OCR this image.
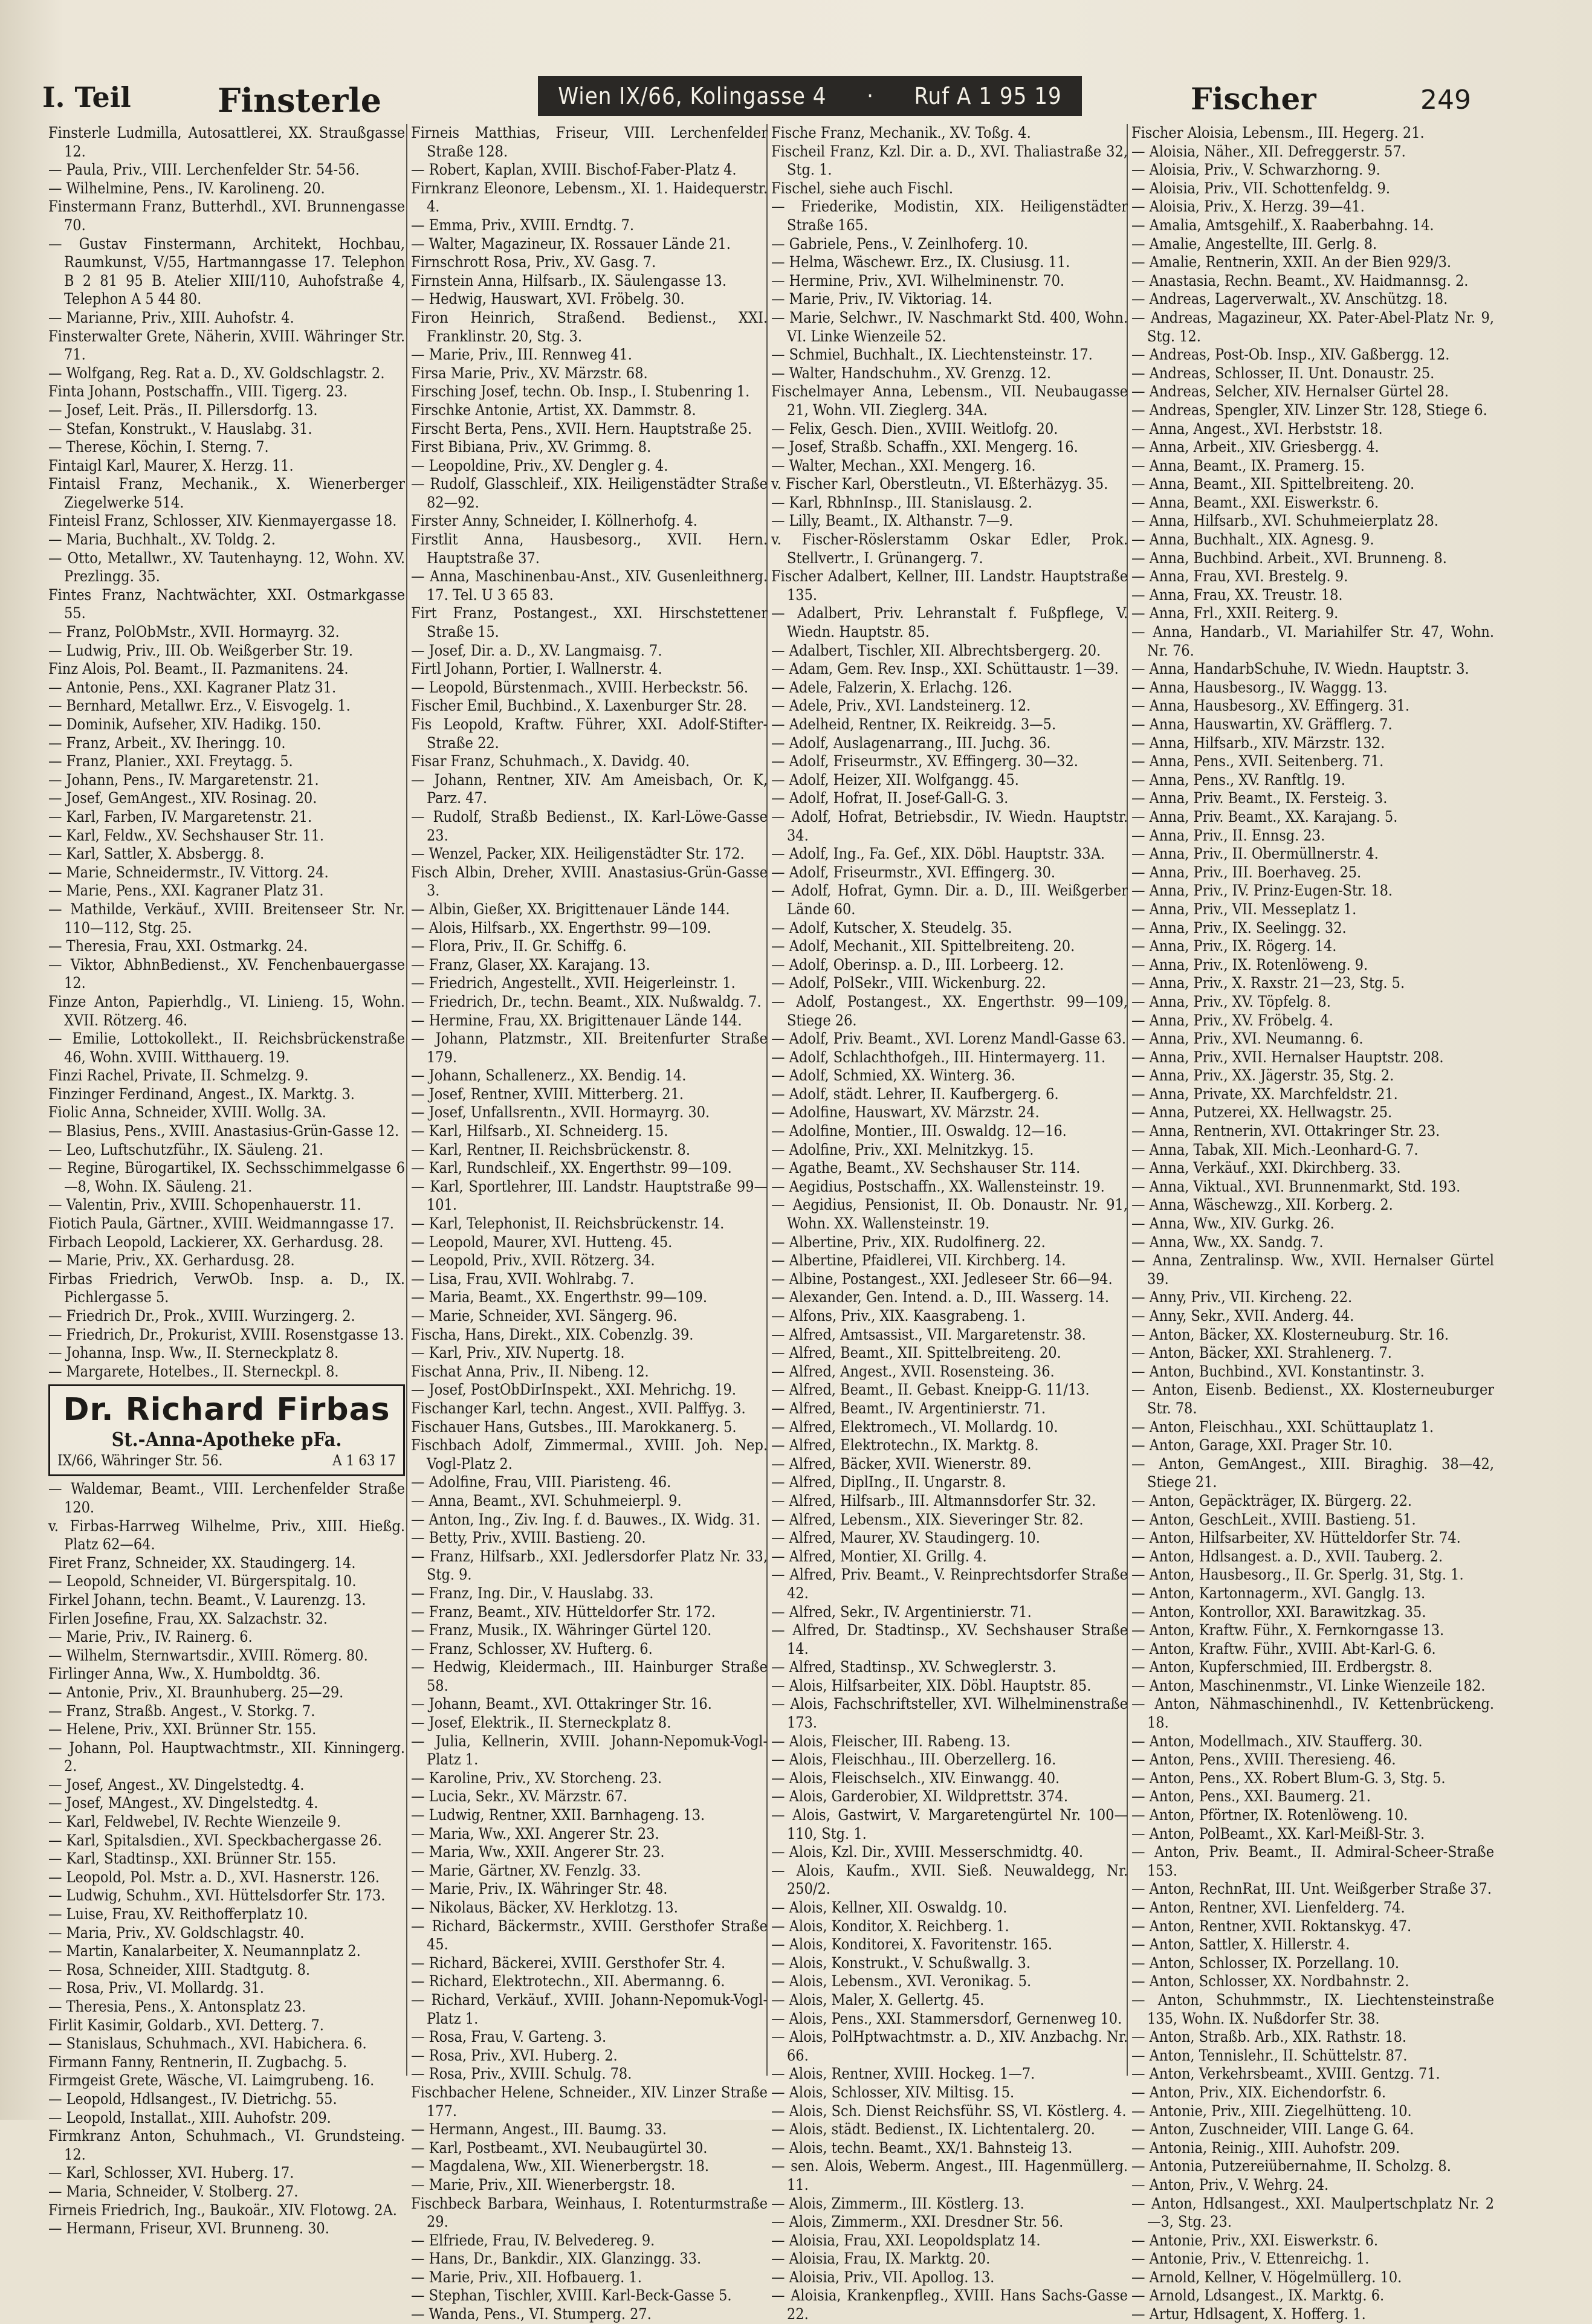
I. Teil	Finsterle	Wien IX/66, Kolingasse 4 · Ruf A 1 95 19	Fischer	249

Finsterle Ludmilla, Autosattlerei, XX. Straußgasse 12.

— Paula, Priv., VIII. Lerchenfelder Str. 54-56.

— Wilhelmine, Pens., IV. Karolineng. 20.

Finstermann Franz, Butterhdl., XVI. Brunnengasse 70.

— Gustav Finstermann, Architekt, Hochbau, Raumkunst, V/55, Hartmanngasse 17. Telephon B 2 81 95 B. Atelier XIII/110, Auhofstraße 4, Telephon A 5 44 80.

— Marianne, Priv., XIII. Auhofstr. 4.

Finsterwalter Grete, Näherin, XVIII. Währinger Str. 71.

— Wolfgang, Reg. Rat a. D., XV. Goldschlagstr. 2.

Finta Johann, Postschaffn., VIII. Tigerg. 23.

— Josef, Leit. Präs., II. Pillersdorfg. 13.

— Stefan, Konstrukt., V. Hauslabg. 31.

— Therese, Köchin, I. Sterng. 7.

Fintaigl Karl, Maurer, X. Herzg. 11.

Fintaisl Franz, Mechanik., X. Wienerberger Ziegelwerke 514.

Finteisl Franz, Schlosser, XIV. Kienmayergasse 18.

— Maria, Buchhalt., XV. Toldg. 2.

— Otto, Metallwr., XV. Tautenhayng. 12, Wohn. XV. Prezlingg. 35.

Fintes Franz, Nachtwächter, XXI. Ostmarkgasse 55.

— Franz, PolObMstr., XVII. Hormayrg. 32.

— Ludwig, Priv., III. Ob. Weißgerber Str. 19.

Finz Alois, Pol. Beamt., II. Pazmanitens. 24.

— Antonie, Pens., XXI. Kagraner Platz 31.

— Bernhard, Metallwr. Erz., V. Eisvogelg. 1.

— Dominik, Aufseher, XIV. Hadikg. 150.

— Franz, Arbeit., XV. Iheringg. 10.

— Franz, Planier., XXI. Freytagg. 5.

— Johann, Pens., IV. Margaretenstr. 21.

— Josef, GemAngest., XIV. Rosinag. 20.

— Karl, Farben, IV. Margaretenstr. 21.

— Karl, Feldw., XV. Sechshauser Str. 11.

— Karl, Sattler, X. Absbergg. 8.

— Marie, Schneidermstr., IV. Vittorg. 24.

— Marie, Pens., XXI. Kagraner Platz 31.

— Mathilde, Verkäuf., XVIII. Breitenseer Str. Nr. 110—112, Stg. 25.

— Theresia, Frau, XXI. Ostmarkg. 24.

— Viktor, AbhnBedienst., XV. Fenchenbauergasse 12.

Finze Anton, Papierhdlg., VI. Linieng. 15, Wohn. XVII. Rötzerg. 46.

— Emilie, Lottokollekt., II. Reichsbrückenstraße 46, Wohn. XVIII. Witthauerg. 19.

Finzi Rachel, Private, II. Schmelzg. 9.

Finzinger Ferdinand, Angest., IX. Marktg. 3.

Fiolic Anna, Schneider, XVIII. Wollg. 3A.

— Blasius, Pens., XVIII. Anastasius-Grün-Gasse 12.

— Leo, Luftschutzführ., IX. Säuleng. 21.

— Regine, Bürogartikel, IX. Sechsschimmelgasse 6—8, Wohn. IX. Säuleng. 21.

— Valentin, Priv., XVIII. Schopenhauerstr. 11.

Fiotich Paula, Gärtner., XVIII. Weidmanngasse 17.

Firbach Leopold, Lackierer, XX. Gerhardusg. 28.

— Marie, Priv., XX. Gerhardusg. 28.

Firbas Friedrich, VerwOb. Insp. a. D., IX. Pichlergasse 5.

— Friedrich Dr., Prok., XVIII. Wurzingerg. 2.

— Friedrich, Dr., Prokurist, XVIII. Rosenstgasse 13.

— Johanna, Insp. Ww., II. Sterneckplatz 8.

— Margarete, Hotelbes., II. Sterneckpl. 8.

Dr. Richard Firbas
St.-Anna-Apotheke pFa.
IX/66, Währinger Str. 56.	A 1 63 17

— Waldemar, Beamt., VIII. Lerchenfelder Straße 120.

v. Firbas-Harrweg Wilhelme, Priv., XIII. Hießg. Platz 62—64.

Firet Franz, Schneider, XX. Staudingerg. 14.

— Leopold, Schneider, VI. Bürgerspitalg. 10.

Firkel Johann, techn. Beamt., V. Laurenzg. 13.

Firlen Josefine, Frau, XX. Salzachstr. 32.

— Marie, Priv., IV. Rainerg. 6.

— Wilhelm, Sternwartsdir., XVIII. Römerg. 80.

Firlinger Anna, Ww., X. Humboldtg. 36.

— Antonie, Priv., XI. Braunhuberg. 25—29.

— Franz, Straßb. Angest., V. Storkg. 7.

— Helene, Priv., XXI. Brünner Str. 155.

— Johann, Pol. Hauptwachtmstr., XII. Kinningerg. 2.

— Josef, Angest., XV. Dingelstedtg. 4.

— Josef, MAngest., XV. Dingelstedtg. 4.

— Karl, Feldwebel, IV. Rechte Wienzeile 9.

— Karl, Spitalsdien., XVI. Speckbachergasse 26.

— Karl, Stadtinsp., XXI. Brünner Str. 155.

— Leopold, Pol. Mstr. a. D., XVI. Hasnerstr. 126.

— Ludwig, Schuhm., XVI. Hüttelsdorfer Str. 173.

— Luise, Frau, XV. Reithofferplatz 10.

— Maria, Priv., XV. Goldschlagstr. 40.

— Martin, Kanalarbeiter, X. Neumannplatz 2.

— Rosa, Schneider, XIII. Stadtgutg. 8.

— Rosa, Priv., VI. Mollardg. 31.

— Theresia, Pens., X. Antonsplatz 23.

Firlit Kasimir, Goldarb., XVI. Detterg. 7.

— Stanislaus, Schuhmach., XVI. Habichera. 6.

Firmann Fanny, Rentnerin, II. Zugbachg. 5.

Firmgeist Grete, Wäsche, VI. Laimgrubeng. 16.

— Leopold, Hdlsangest., IV. Dietrichg. 55.

— Leopold, Installat., XIII. Auhofstr. 209.

Firmkranz Anton, Schuhmach., VI. Grundsteing. 12.

— Karl, Schlosser, XVI. Huberg. 17.

— Maria, Schneider, V. Stolberg. 27.

Firneis Friedrich, Ing., Baukoär., XIV. Flotowg. 2A.

— Hermann, Friseur, XVI. Brunneng. 30.

Firneis Matthias, Friseur, VIII. Lerchenfelder Straße 128.

— Robert, Kaplan, XVIII. Bischof-Faber-Platz 4.

Firnkranz Eleonore, Lebensm., XI. 1. Haidequerstr. 4.

— Emma, Priv., XVIII. Erndtg. 7.

— Walter, Magazineur, IX. Rossauer Lände 21.

Firnschrott Rosa, Priv., XV. Gasg. 7.

Firnstein Anna, Hilfsarb., IX. Säulengasse 13.

— Hedwig, Hauswart, XVI. Fröbelg. 30.

Firon Heinrich, Straßend. Bedienst., XXI. Franklinstr. 20, Stg. 3.

— Marie, Priv., III. Rennweg 41.

Firsa Marie, Priv., XV. Märzstr. 68.

Firsching Josef, techn. Ob. Insp., I. Stubenring 1.

Firschke Antonie, Artist, XX. Dammstr. 8.

Firscht Berta, Pens., XVII. Hern. Hauptstraße 25.

First Bibiana, Priv., XV. Grimmg. 8.

— Leopoldine, Priv., XV. Dengler g. 4.

— Rudolf, Glasschleif., XIX. Heiligenstädter Straße 82—92.

Firster Anny, Schneider, I. Köllnerhofg. 4.

Firstlit Anna, Hausbesorg., XVII. Hern. Hauptstraße 37.

— Anna, Maschinenbau-Anst., XIV. Gusenleithnerg. 17. Tel. U 3 65 83.

Firt Franz, Postangest., XXI. Hirschstettener Straße 15.

— Josef, Dir. a. D., XV. Langmaisg. 7.

Firtl Johann, Portier, I. Wallnerstr. 4.

— Leopold, Bürstenmach., XVIII. Herbeckstr. 56.

Fischer Emil, Buchbind., X. Laxenburger Str. 28.

Fis Leopold, Kraftw. Führer, XXI. Adolf-Stifter-Straße 22.

Fisar Franz, Schuhmach., X. Davidg. 40.

— Johann, Rentner, XIV. Am Ameisbach, Or. K, Parz. 47.

— Rudolf, Straßb Bedienst., IX. Karl-Löwe-Gasse 23.

— Wenzel, Packer, XIX. Heiligenstädter Str. 172.

Fisch Albin, Dreher, XVIII. Anastasius-Grün-Gasse 3.

— Albin, Gießer, XX. Brigittenauer Lände 144.

— Alois, Hilfsarb., XX. Engerthstr. 99—109.

— Flora, Priv., II. Gr. Schiffg. 6.

— Franz, Glaser, XX. Karajang. 13.

— Friedrich, Angestellt., XVII. Heigerleinstr. 1.

— Friedrich, Dr., techn. Beamt., XIX. Nußwaldg. 7.

— Hermine, Frau, XX. Brigittenauer Lände 144.

— Johann, Platzmstr., XII. Breitenfurter Straße 179.

— Johann, Schallenerz., XX. Bendig. 14.

— Josef, Rentner, XVIII. Mitterberg. 21.

— Josef, Unfallsrentn., XVII. Hormayrg. 30.

— Karl, Hilfsarb., XI. Schneiderg. 15.

— Karl, Rentner, II. Reichsbrückenstr. 8.

— Karl, Rundschleif., XX. Engerthstr. 99—109.

— Karl, Sportlehrer, III. Landstr. Hauptstraße 99—101.

— Karl, Telephonist, II. Reichsbrückenstr. 14.

— Leopold, Maurer, XVI. Hutteng. 45.

— Leopold, Priv., XVII. Rötzerg. 34.

— Lisa, Frau, XVII. Wohlrabg. 7.

— Maria, Beamt., XX. Engerthstr. 99—109.

— Marie, Schneider, XVI. Sängerg. 96.

Fischa, Hans, Direkt., XIX. Cobenzlg. 39.

— Karl, Priv., XIV. Nupertg. 18.

Fischat Anna, Priv., II. Nibeng. 12.

— Josef, PostObDirInspekt., XXI. Mehrichg. 19.

Fischanger Karl, techn. Angest., XVII. Palffyg. 3.

Fischauer Hans, Gutsbes., III. Marokkanerg. 5.

Fischbach Adolf, Zimmermal., XVIII. Joh. Nep. Vogl-Platz 2.

— Adolfine, Frau, VIII. Piaristeng. 46.

— Anna, Beamt., XVI. Schuhmeierpl. 9.

— Anton, Ing., Ziv. Ing. f. d. Bauwes., IX. Widg. 31.

— Betty, Priv., XVIII. Bastieng. 20.

— Franz, Hilfsarb., XXI. Jedlersdorfer Platz Nr. 33, Stg. 9.

— Franz, Ing. Dir., V. Hauslabg. 33.

— Franz, Beamt., XIV. Hütteldorfer Str. 172.

— Franz, Musik., IX. Währinger Gürtel 120.

— Franz, Schlosser, XV. Hufterg. 6.

— Hedwig, Kleidermach., III. Hainburger Straße 58.

— Johann, Beamt., XVI. Ottakringer Str. 16.

— Josef, Elektrik., II. Sterneckplatz 8.

— Julia, Kellnerin, XVIII. Johann-Nepomuk-Vogl-Platz 1.

— Karoline, Priv., XV. Storcheng. 23.

— Lucia, Sekr., XV. Märzstr. 67.

— Ludwig, Rentner, XXII. Barnhageng. 13.

— Maria, Ww., XXI. Angerer Str. 23.

— Maria, Ww., XXII. Angerer Str. 23.

— Marie, Gärtner, XV. Fenzlg. 33.

— Marie, Priv., IX. Währinger Str. 48.

— Nikolaus, Bäcker, XV. Herklotzg. 13.

— Richard, Bäckermstr., XVIII. Gersthofer Straße 45.

— Richard, Bäckerei, XVIII. Gersthofer Str. 4.

— Richard, Elektrotechn., XII. Abermanng. 6.

— Richard, Verkäuf., XVIII. Johann-Nepomuk-Vogl-Platz 1.

— Rosa, Frau, V. Garteng. 3.

— Rosa, Priv., XVI. Huberg. 2.

— Rosa, Priv., XVIII. Schulg. 78.

Fischbacher Helene, Schneider., XIV. Linzer Straße 177.

— Hermann, Angest., III. Baumg. 33.

— Karl, Postbeamt., XVI. Neubaugürtel 30.

— Magdalena, Ww., XII. Wienerbergstr. 18.

— Marie, Priv., XII. Wienerbergstr. 18.

Fischbeck Barbara, Weinhaus, I. Rotenturmstraße 29.

— Elfriede, Frau, IV. Belvedereg. 9.

— Hans, Dr., Bankdir., XIX. Glanzingg. 33.

— Marie, Priv., XII. Hofbauerg. 1.

— Stephan, Tischler, XVIII. Karl-Beck-Gasse 5.

— Wanda, Pens., VI. Stumperg. 27.

Fische Franz, Mechanik., XV. Toßg. 4.

Fischeil Franz, Kzl. Dir. a. D., XVI. Thaliastraße 32, Stg. 1.

Fischel, siehe auch Fischl.

— Friederike, Modistin, XIX. Heiligenstädter Straße 165.

— Gabriele, Pens., V. Zeinlhoferg. 10.

— Helma, Wäschewr. Erz., IX. Clusiusg. 11.

— Hermine, Priv., XVI. Wilhelminenstr. 70.

— Marie, Priv., IV. Viktoriag. 14.

— Marie, Selchwr., IV. Naschmarkt Std. 400, Wohn. VI. Linke Wienzeile 52.

— Schmiel, Buchhalt., IX. Liechtensteinstr. 17.

— Walter, Handschuhm., XV. Grenzg. 12.

Fischelmayer Anna, Lebensm., VII. Neubaugasse 21, Wohn. VII. Zieglerg. 34A.

— Felix, Gesch. Dien., XVIII. Weitlofg. 20.

— Josef, Straßb. Schaffn., XXI. Mengerg. 16.

— Walter, Mechan., XXI. Mengerg. 16.

v. Fischer Karl, Oberstleutn., VI. Eßterhäzyg. 35.

— Karl, RbhnInsp., III. Stanislausg. 2.

— Lilly, Beamt., IX. Althanstr. 7—9.

v. Fischer-Röslerstamm Oskar Edler, Prok. Stellvertr., I. Grünangerg. 7.

Fischer Adalbert, Kellner, III. Landstr. Hauptstraße 135.

— Adalbert, Priv. Lehranstalt f. Fußpflege, V. Wiedn. Hauptstr. 85.

— Adalbert, Tischler, XII. Albrechtsbergerg. 20.

— Adam, Gem. Rev. Insp., XXI. Schüttaustr. 1—39.

— Adele, Falzerin, X. Erlachg. 126.

— Adele, Priv., XVI. Landsteinerg. 12.

— Adelheid, Rentner, IX. Reikreidg. 3—5.

— Adolf, Auslagenarrang., III. Juchg. 36.

— Adolf, Friseurmstr., XV. Effingerg. 30—32.

— Adolf, Heizer, XII. Wolfgangg. 45.

— Adolf, Hofrat, II. Josef-Gall-G. 3.

— Adolf, Hofrat, Betriebsdir., IV. Wiedn. Hauptstr. 34.

— Adolf, Ing., Fa. Gef., XIX. Döbl. Hauptstr. 33A.

— Adolf, Friseurmstr., XVI. Effingerg. 30.

— Adolf, Hofrat, Gymn. Dir. a. D., III. Weißgerber Lände 60.

— Adolf, Kutscher, X. Steudelg. 35.

— Adolf, Mechanit., XII. Spittelbreiteng. 20.

— Adolf, Oberinsp. a. D., III. Lorbeerg. 12.

— Adolf, PolSekr., VIII. Wickenburg. 22.

— Adolf, Postangest., XX. Engerthstr. 99—109, Stiege 26.

— Adolf, Priv. Beamt., XVI. Lorenz Mandl-Gasse 63.

— Adolf, Schlachthofgeh., III. Hintermayerg. 11.

— Adolf, Schmied, XX. Winterg. 36.

— Adolf, städt. Lehrer, II. Kaufbergerg. 6.

— Adolfine, Hauswart, XV. Märzstr. 24.

— Adolfine, Montier., III. Oswaldg. 12—16.

— Adolfine, Priv., XXI. Melnitzkyg. 15.

— Agathe, Beamt., XV. Sechshauser Str. 114.

— Aegidius, Postschaffn., XX. Wallensteinstr. 19.

— Aegidius, Pensionist, II. Ob. Donaustr. Nr. 91, Wohn. XX. Wallensteinstr. 19.

— Albertine, Priv., XIX. Rudolfinerg. 22.

— Albertine, Pfaidlerei, VII. Kirchberg. 14.

— Albine, Postangest., XXI. Jedleseer Str. 66—94.

— Alexander, Gen. Intend. a. D., III. Wasserg. 14.

— Alfons, Priv., XIX. Kaasgrabeng. 1.

— Alfred, Amtsassist., VII. Margaretenstr. 38.

— Alfred, Beamt., XII. Spittelbreiteng. 20.

— Alfred, Angest., XVII. Rosensteing. 36.

— Alfred, Beamt., II. Gebast. Kneipp-G. 11/13.

— Alfred, Beamt., IV. Argentinierstr. 71.

— Alfred, Elektromech., VI. Mollardg. 10.

— Alfred, Elektrotechn., IX. Marktg. 8.

— Alfred, Bäcker, XVII. Wienerstr. 89.

— Alfred, DiplIng., II. Ungarstr. 8.

— Alfred, Hilfsarb., III. Altmannsdorfer Str. 32.

— Alfred, Lebensm., XIX. Sieveringer Str. 82.

— Alfred, Maurer, XV. Staudingerg. 10.

— Alfred, Montier, XI. Grillg. 4.

— Alfred, Priv. Beamt., V. Reinprechtsdorfer Straße 42.

— Alfred, Sekr., IV. Argentinierstr. 71.

— Alfred, Dr. Stadtinsp., XV. Sechshauser Straße 14.

— Alfred, Stadtinsp., XV. Schweglerstr. 3.

— Alois, Hilfsarbeiter, XIX. Döbl. Hauptstr. 85.

— Alois, Fachschriftsteller, XVI. Wilhelminenstraße 173.

— Alois, Fleischer, III. Rabeng. 13.

— Alois, Fleischhau., III. Oberzellerg. 16.

— Alois, Fleischselch., XIV. Einwangg. 40.

— Alois, Garderobier, XI. Wildprettstr. 374.

— Alois, Gastwirt, V. Margaretengürtel Nr. 100—110, Stg. 1.

— Alois, Kzl. Dir., XVIII. Messerschmidtg. 40.

— Alois, Kaufm., XVII. Sieß. Neuwaldegg, Nr. 250/2.

— Alois, Kellner, XII. Oswaldg. 10.

— Alois, Konditor, X. Reichberg. 1.

— Alois, Konditorei, X. Favoritenstr. 165.

— Alois, Konstrukt., V. Schußwallg. 3.

— Alois, Lebensm., XVI. Veronikag. 5.

— Alois, Maler, X. Gellertg. 45.

— Alois, Pens., XXI. Stammersdorf, Gernenweg 10.

— Alois, PolHptwachtmstr. a. D., XIV. Anzbachg. Nr. 66.

— Alois, Rentner, XVIII. Hockeg. 1—7.

— Alois, Schlosser, XIV. Miltisg. 15.

— Alois, Sch. Dienst Reichsführ. SS, VI. Köstlerg. 4.

— Alois, städt. Bedienst., IX. Lichtentalerg. 20.

— Alois, techn. Beamt., XX/1. Bahnsteig 13.

— sen. Alois, Weberm. Angest., III. Hagenmüllerg. 11.

— Alois, Zimmerm., III. Köstlerg. 13.

— Alois, Zimmerm., XXI. Dresdner Str. 56.

— Aloisia, Frau, XXI. Leopoldsplatz 14.

— Aloisia, Frau, IX. Marktg. 20.

— Aloisia, Priv., VII. Apollog. 13.

— Aloisia, Krankenpfleg., XVIII. Hans Sachs-Gasse 22.

Fischer Aloisia, Lebensm., III. Hegerg. 21.

— Aloisia, Näher., XII. Defreggerstr. 57.

— Aloisia, Priv., V. Schwarzhorng. 9.

— Aloisia, Priv., VII. Schottenfeldg. 9.

— Aloisia, Priv., X. Herzg. 39—41.

— Amalia, Amtsgehilf., X. Raaberbahng. 14.

— Amalie, Angestellte, III. Gerlg. 8.

— Amalie, Rentnerin, XXII. An der Bien 929/3.

— Anastasia, Rechn. Beamt., XV. Haidmannsg. 2.

— Andreas, Lagerverwalt., XV. Anschützg. 18.

— Andreas, Magazineur, XX. Pater-Abel-Platz Nr. 9, Stg. 12.

— Andreas, Post-Ob. Insp., XIV. Gaßbergg. 12.

— Andreas, Schlosser, II. Unt. Donaustr. 25.

— Andreas, Selcher, XIV. Hernalser Gürtel 28.

— Andreas, Spengler, XIV. Linzer Str. 128, Stiege 6.

— Anna, Angest., XVI. Herbststr. 18.

— Anna, Arbeit., XIV. Griesbergg. 4.

— Anna, Beamt., IX. Pramerg. 15.

— Anna, Beamt., XII. Spittelbreiteng. 20.

— Anna, Beamt., XXI. Eiswerkstr. 6.

— Anna, Hilfsarb., XVI. Schuhmeierplatz 28.

— Anna, Buchhalt., XIX. Agnesg. 9.

— Anna, Buchbind. Arbeit., XVI. Brunneng. 8.

— Anna, Frau, XVI. Brestelg. 9.

— Anna, Frau, XX. Treustr. 18.

— Anna, Frl., XXII. Reiterg. 9.

— Anna, Handarb., VI. Mariahilfer Str. 47, Wohn. Nr. 76.

— Anna, HandarbSchuhe, IV. Wiedn. Hauptstr. 3.

— Anna, Hausbesorg., IV. Waggg. 13.

— Anna, Hausbesorg., XV. Effingerg. 31.

— Anna, Hauswartin, XV. Gräfflerg. 7.

— Anna, Hilfsarb., XIV. Märzstr. 132.

— Anna, Pens., XVII. Seitenberg. 71.

— Anna, Pens., XV. Ranftlg. 19.

— Anna, Priv. Beamt., IX. Fersteig. 3.

— Anna, Priv. Beamt., XX. Karajang. 5.

— Anna, Priv., II. Ennsg. 23.

— Anna, Priv., II. Obermüllnerstr. 4.

— Anna, Priv., III. Boerhaveg. 25.

— Anna, Priv., IV. Prinz-Eugen-Str. 18.

— Anna, Priv., VII. Messeplatz 1.

— Anna, Priv., IX. Seelingg. 32.

— Anna, Priv., IX. Rögerg. 14.

— Anna, Priv., IX. Rotenlöweng. 9.

— Anna, Priv., X. Raxstr. 21—23, Stg. 5.

— Anna, Priv., XV. Töpfelg. 8.

— Anna, Priv., XV. Fröbelg. 4.

— Anna, Priv., XVI. Neumanng. 6.

— Anna, Priv., XVII. Hernalser Hauptstr. 208.

— Anna, Priv., XX. Jägerstr. 35, Stg. 2.

— Anna, Private, XX. Marchfeldstr. 21.

— Anna, Putzerei, XX. Hellwagstr. 25.

— Anna, Rentnerin, XVI. Ottakringer Str. 23.

— Anna, Tabak, XII. Mich.-Leonhard-G. 7.

— Anna, Verkäuf., XXI. Dkirchberg. 33.

— Anna, Viktual., XVI. Brunnenmarkt, Std. 193.

— Anna, Wäschewzg., XII. Korberg. 2.

— Anna, Ww., XIV. Gurkg. 26.

— Anna, Ww., XX. Sandg. 7.

— Anna, Zentralinsp. Ww., XVII. Hernalser Gürtel 39.

— Anny, Priv., VII. Kircheng. 22.

— Anny, Sekr., XVII. Anderg. 44.

— Anton, Bäcker, XX. Klosterneuburg. Str. 16.

— Anton, Bäcker, XXI. Strahlenerg. 7.

— Anton, Buchbind., XVI. Konstantinstr. 3.

— Anton, Eisenb. Bedienst., XX. Klosterneuburger Str. 78.

— Anton, Fleischhau., XXI. Schüttauplatz 1.

— Anton, Garage, XXI. Prager Str. 10.

— Anton, GemAngest., XIII. Biraghig. 38—42, Stiege 21.

— Anton, Gepäckträger, IX. Bürgerg. 22.

— Anton, GeschLeit., XVIII. Bastieng. 51.

— Anton, Hilfsarbeiter, XV. Hütteldorfer Str. 74.

— Anton, Hdlsangest. a. D., XVII. Tauberg. 2.

— Anton, Hausbesorg., II. Gr. Sperlg. 31, Stg. 1.

— Anton, Kartonnagerm., XVI. Ganglg. 13.

— Anton, Kontrollor, XXI. Barawitzkag. 35.

— Anton, Kraftw. Führ., X. Fernkorngasse 13.

— Anton, Kraftw. Führ., XVIII. Abt-Karl-G. 6.

— Anton, Kupferschmied, III. Erdbergstr. 8.

— Anton, Maschinenmstr., VI. Linke Wienzeile 182.

— Anton, Nähmaschinenhdl., IV. Kettenbrückeng. 18.

— Anton, Modellmach., XIV. Staufferg. 30.

— Anton, Pens., XVIII. Theresieng. 46.

— Anton, Pens., XX. Robert Blum-G. 3, Stg. 5.

— Anton, Pens., XXI. Baumerg. 21.

— Anton, Pförtner, IX. Rotenlöweng. 10.

— Anton, PolBeamt., XX. Karl-Meißl-Str. 3.

— Anton, Priv. Beamt., II. Admiral-Scheer-Straße 153.

— Anton, RechnRat, III. Unt. Weißgerber Straße 37.

— Anton, Rentner, XVI. Lienfelderg. 74.

— Anton, Rentner, XVII. Roktanskyg. 47.

— Anton, Sattler, X. Hillerstr. 4.

— Anton, Schlosser, IX. Porzellang. 10.

— Anton, Schlosser, XX. Nordbahnstr. 2.

— Anton, Schuhmmstr., IX. Liechtensteinstraße 135, Wohn. IX. Nußdorfer Str. 38.

— Anton, Straßb. Arb., XIX. Rathstr. 18.

— Anton, Tennislehr., II. Schüttelstr. 87.

— Anton, Verkehrsbeamt., XVIII. Gentzg. 71.

— Anton, Priv., XIX. Eichendorfstr. 6.

— Antonie, Priv., XIII. Ziegelhütteng. 10.

— Anton, Zuschneider, VIII. Lange G. 64.

— Antonia, Reinig., XIII. Auhofstr. 209.

— Antonia, Putzereiübernahme, II. Scholzg. 8.

— Anton, Priv., V. Wehrg. 24.

— Anton, Hdlsangest., XXI. Maulpertschplatz Nr. 2—3, Stg. 23.

— Antonie, Priv., XXI. Eiswerkstr. 6.

— Antonie, Priv., V. Ettenreichg. 1.

— Arnold, Kellner, V. Högelmüllerg. 10.

— Arnold, Ldsangest., IX. Marktg. 6.

— Artur, Hdlsagent, X. Hofferg. 1.
